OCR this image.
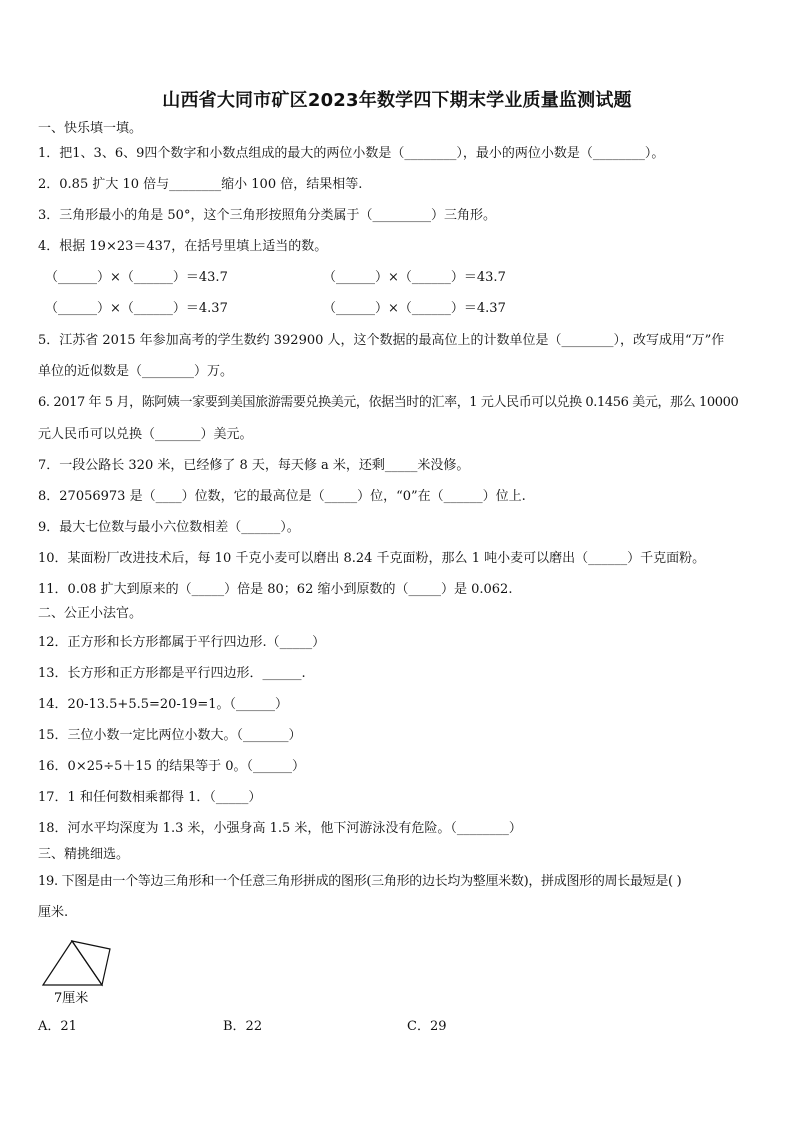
山西省大同市矿区2023年数学四下期末学业质量监测试题
一、快乐填一填。
1．把1、3、6、9四个数字和小数点组成的最大的两位小数是（________），最小的两位小数是（________）。
2．0.85 扩大 10 倍与________缩小 100 倍，结果相等.
3．三角形最小的角是 50°，这个三角形按照角分类属于（_________）三角形。
4．根据 19×23＝437，在括号里填上适当的数。
（______）×（______）＝43.7	（______）×（______）＝43.7
（______）×（______）＝4.37	（______）×（______）＝4.37
5．江苏省 2015 年参加高考的学生数约 392900 人，这个数据的最高位上的计数单位是（________），改写成用“万”作
单位的近似数是（________）万。
6. 2017 年 5 月，陈阿姨一家要到美国旅游需要兑换美元，依据当时的汇率，1 元人民币可以兑换 0.1456 美元，那么 10000
元人民币可以兑换（_______）美元。
7．一段公路长 320 米，已经修了 8 天，每天修 a 米，还剩_____米没修。
8．27056973 是（____）位数，它的最高位是（_____）位，“0”在（______）位上.
9．最大七位数与最小六位数相差（______）。
10．某面粉厂改进技术后，每 10 千克小麦可以磨出 8.24 千克面粉，那么 1 吨小麦可以磨出（______）千克面粉。
11．0.08 扩大到原来的（_____）倍是 80；62 缩小到原数的（_____）是 0.062.
二、公正小法官。
12．正方形和长方形都属于平行四边形.（_____）
13．长方形和正方形都是平行四边形．______.
14．20-13.5+5.5=20-19=1。（______）
15．三位小数一定比两位小数大。（_______）
16．0×25÷5＋15 的结果等于 0。（______）
17．1 和任何数相乘都得 1．（_____）
18．河水平均深度为 1.3 米，小强身高 1.5 米，他下河游泳没有危险。（________）
三、精挑细选。
19. 下图是由一个等边三角形和一个任意三角形拼成的图形(三角形的边长均为整厘米数)，拼成图形的周长最短是( )
厘米.
7厘米
A．21	B．22	C．29
